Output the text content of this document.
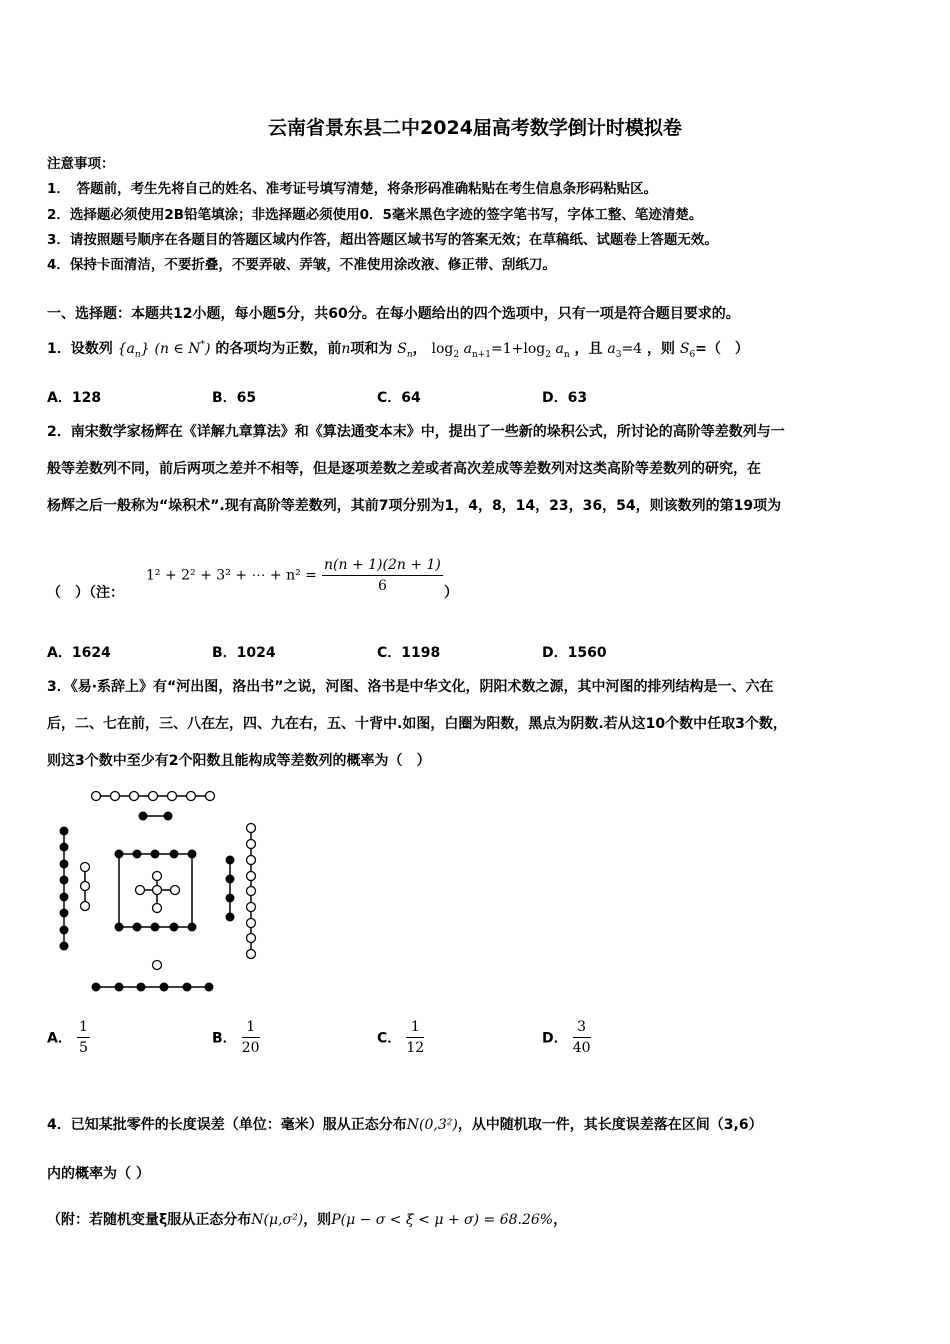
云南省景东县二中2024届高考数学倒计时模拟卷
注意事项：
1．　答题前，考生先将自己的姓名、准考证号填写清楚，将条形码准确粘贴在考生信息条形码粘贴区。
2．选择题必须使用2B铅笔填涂；非选择题必须使用0．5毫米黑色字迹的签字笔书写，字体工整、笔迹清楚。
3．请按照题号顺序在各题目的答题区域内作答，超出答题区域书写的答案无效；在草稿纸、试题卷上答题无效。
4．保持卡面清洁，不要折叠，不要弄破、弄皱，不准使用涂改液、修正带、刮纸刀。
一、选择题：本题共12小题，每小题5分，共60分。在每小题给出的四个选项中，只有一项是符合题目要求的。
1．设数列 $\{a_n\}$ (n ∈ N*) 的各项均为正数，前n项和为 $S_n$， $\log_2 a_{n+1}=1+\log_2$ $a_n$ ，且 $a_3=4$ ，则 $S_6=$（　）
A．128	B．65	C．64	D．63
2．南宋数学家杨辉在《详解九章算法》和《算法通变本末》中，提出了一些新的垛积公式，所讨论的高阶等差数列与一
般等差数列不同，前后两项之差并不相等，但是逐项差数之差或者高次差成等差数列对这类高阶等差数列的研究，在
杨辉之后一般称为“垛积术”.现有高阶等差数列，其前7项分别为1，4，8，14，23，36，54，则该数列的第19项为
（　）（注：
1² + 2² + 3² + ⋯ + $n^2 = \frac{n(n + 1)(2n + 1)}{6}$ ）
A．1624	B．1024	C．1198	D．1560
3．《易·系辞上》有“河出图，洛出书”之说，河图、洛书是中华文化，阴阳术数之源，其中河图的排列结构是一、六在
后，二、七在前，三、八在左，四、九在右，五、十背中.如图，白圈为阳数，黑点为阴数.若从这10个数中任取3个数，
则这3个数中至少有2个阳数且能构成等差数列的概率为（　）
A． $\frac{1}{5}$	B． $\frac{1}{20}$	C． $\frac{1}{12}$	D． $\frac{3}{40}$
4．已知某批零件的长度误差（单位：毫米）服从正态分布N(0,3²)，从中随机取一件，其长度误差落在区间（3,6）
内的概率为（ ）
（附：若随机变量ξ服从正态分布N(μ,σ²)，则P(μ − σ < ξ < μ + σ) = 68.26%，
